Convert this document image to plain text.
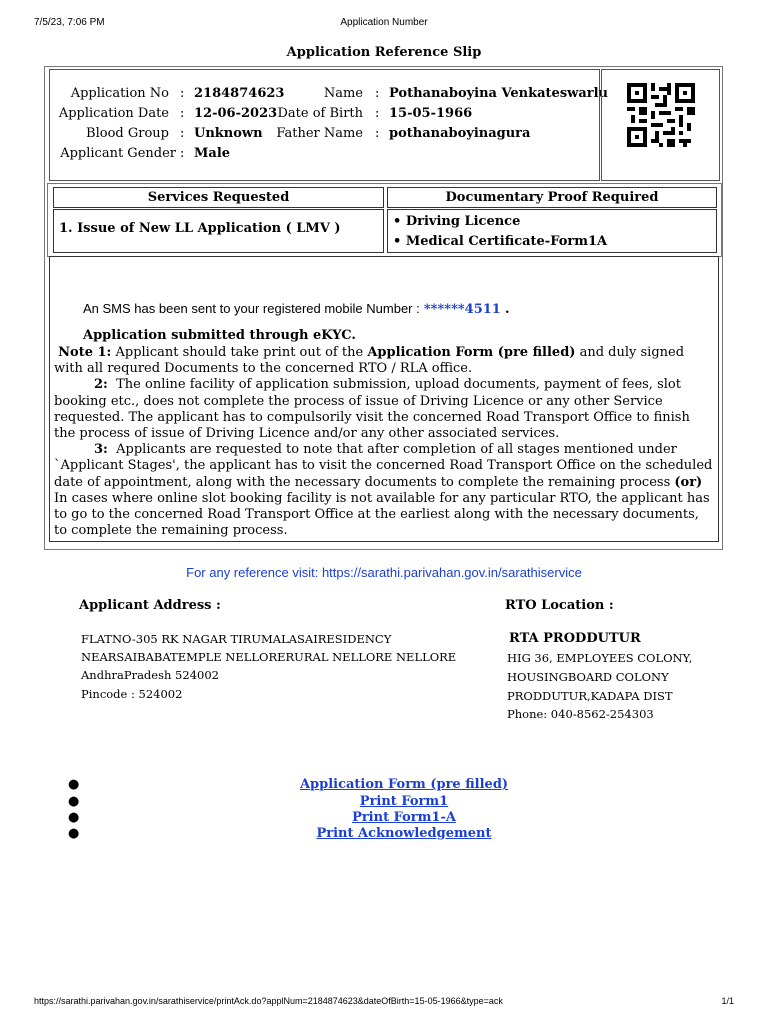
7/5/23, 7:06 PM	Application Number
Application Reference Slip
Application No : 2184874623	Name : Pothanaboyina Venkateswarlu
Application Date : 12-06-2023 Date of Birth : 15-05-1966
Blood Group : Unknown	Father Name : pothanaboyinagura
Applicant Gender : Male
Services Requested	Documentary Proof Required
1. Issue of New LL Application ( LMV )	• Driving Licence
• Medical Certificate-Form1A
An SMS has been sent to your registered mobile Number : ******4511 .
Application submitted through eKYC.

Note 1: Applicant should take print out of the Application Form (pre filled) and duly signed with all requred Documents to the concerned RTO / RLA office.

2: The online facility of application submission, upload documents, payment of fees, slot booking etc., does not complete the process of issue of Driving Licence or any other Service requested. The applicant has to compulsorily visit the concerned Road Transport Office to finish the process of issue of Driving Licence and/or any other associated services.

3: Applicants are requested to note that after completion of all stages mentioned under `Applicant Stages', the applicant has to visit the concerned Road Transport Office on the scheduled date of appointment, along with the necessary documents to complete the remaining process (or) In cases where online slot booking facility is not available for any particular RTO, the applicant has to go to the concerned Road Transport Office at the earliest along with the necessary documents, to complete the remaining process.

For any reference visit: https://sarathi.parivahan.gov.in/sarathiservice
Applicant Address :	RTO Location :
FLATNO-305 RK NAGAR TIRUMALASAIRESIDENCY
NEARSAIBABATEMPLE NELLORERURAL NELLORE NELLORE
AndhraPradesh 524002
Pincode : 524002
RTA PRODDUTUR
HIG 36, EMPLOYEES COLONY,
HOUSINGBOARD COLONY
PRODDUTUR,KADAPA DIST
Phone: 040-8562-254303
●	Application Form (pre filled)
●	Print Form1
●	Print Form1-A
●	Print Acknowledgement
https://sarathi.parivahan.gov.in/sarathiservice/printAck.do?applNum=2184874623&dateOfBirth=15-05-1966&type=ack	1/1
